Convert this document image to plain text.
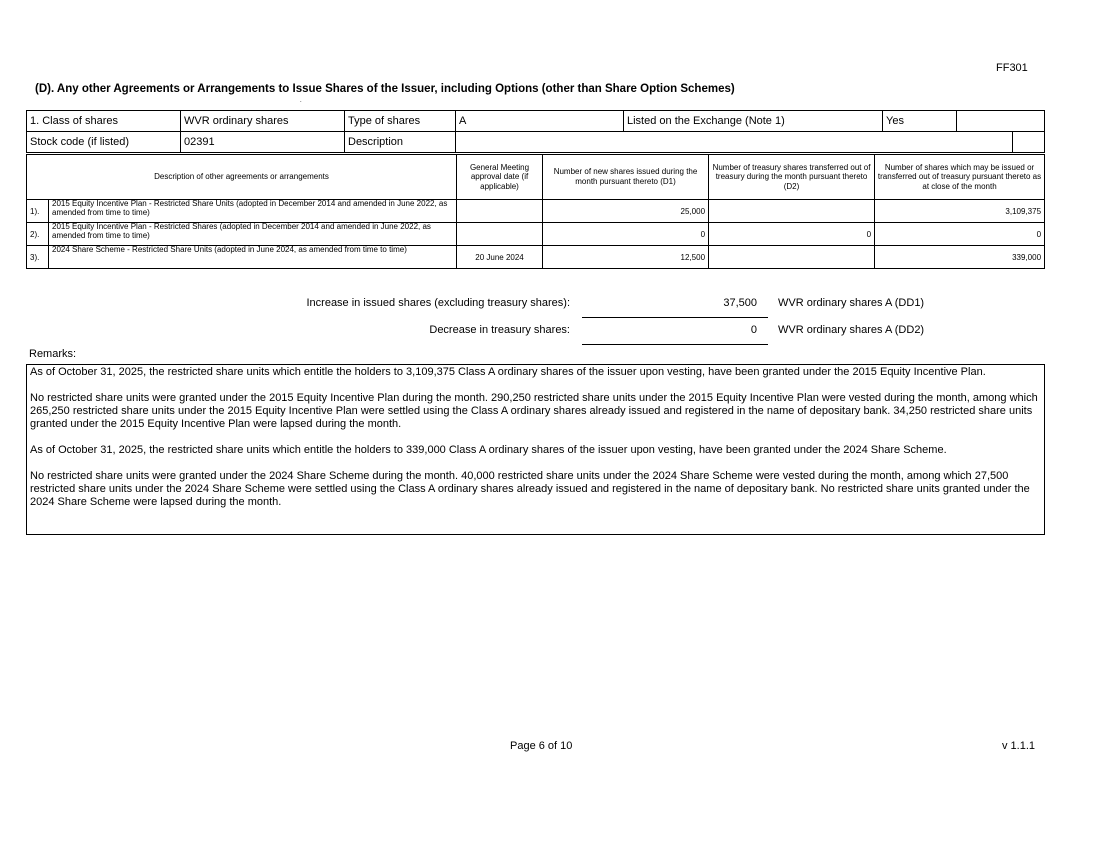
FF301
(D). Any other Agreements or Arrangements to Issue Shares of the Issuer, including Options (other than Share Option Schemes)
.
1. Class of shares	WVR ordinary shares	Type of shares	A	Listed on the Exchange (Note 1)	Yes		
Stock code (if listed)	02391	Description					
Description of other agreements or arrangements		General Meeting approval date (if applicable)	Number of new shares issued during the month pursuant thereto (D1)	Number of treasury shares transferred out of treasury during the month pursuant thereto (D2)	Number of shares which may be issued or transferred out of treasury pursuant thereto as at close of the month
1).	2015 Equity Incentive Plan - Restricted Share Units (adopted in December 2014 and amended in June 2022, as amended from time to time)		25,000		3,109,375
2).	2015 Equity Incentive Plan - Restricted Shares (adopted in December 2014 and amended in June 2022, as amended from time to time)		0	0	0
3).	2024 Share Scheme - Restricted Share Units (adopted in June 2024, as amended from time to time)	20 June 2024	12,500		339,000
Increase in issued shares (excluding treasury shares):	37,500 WVR ordinary shares A (DD1)
Decrease in treasury shares:	0 WVR ordinary shares A (DD2)
Remarks:

As of October 31, 2025, the restricted share units which entitle the holders to 3,109,375 Class A ordinary shares of the issuer upon vesting, have been granted under the 2015 Equity Incentive Plan.

No restricted share units were granted under the 2015 Equity Incentive Plan during the month. 290,250 restricted share units under the 2015 Equity Incentive Plan were vested during the month, among which 265,250 restricted share units under the 2015 Equity Incentive Plan were settled using the Class A ordinary shares already issued and registered in the name of depositary bank. 34,250 restricted share units granted under the 2015 Equity Incentive Plan were lapsed during the month.

As of October 31, 2025, the restricted share units which entitle the holders to 339,000 Class A ordinary shares of the issuer upon vesting, have been granted under the 2024 Share Scheme.

No restricted share units were granted under the 2024 Share Scheme during the month. 40,000 restricted share units under the 2024 Share Scheme were vested during the month, among which 27,500 restricted share units under the 2024 Share Scheme were settled using the Class A ordinary shares already issued and registered in the name of depositary bank. No restricted share units granted under the 2024 Share Scheme were lapsed during the month.

Page 6 of 10	v 1.1.1
